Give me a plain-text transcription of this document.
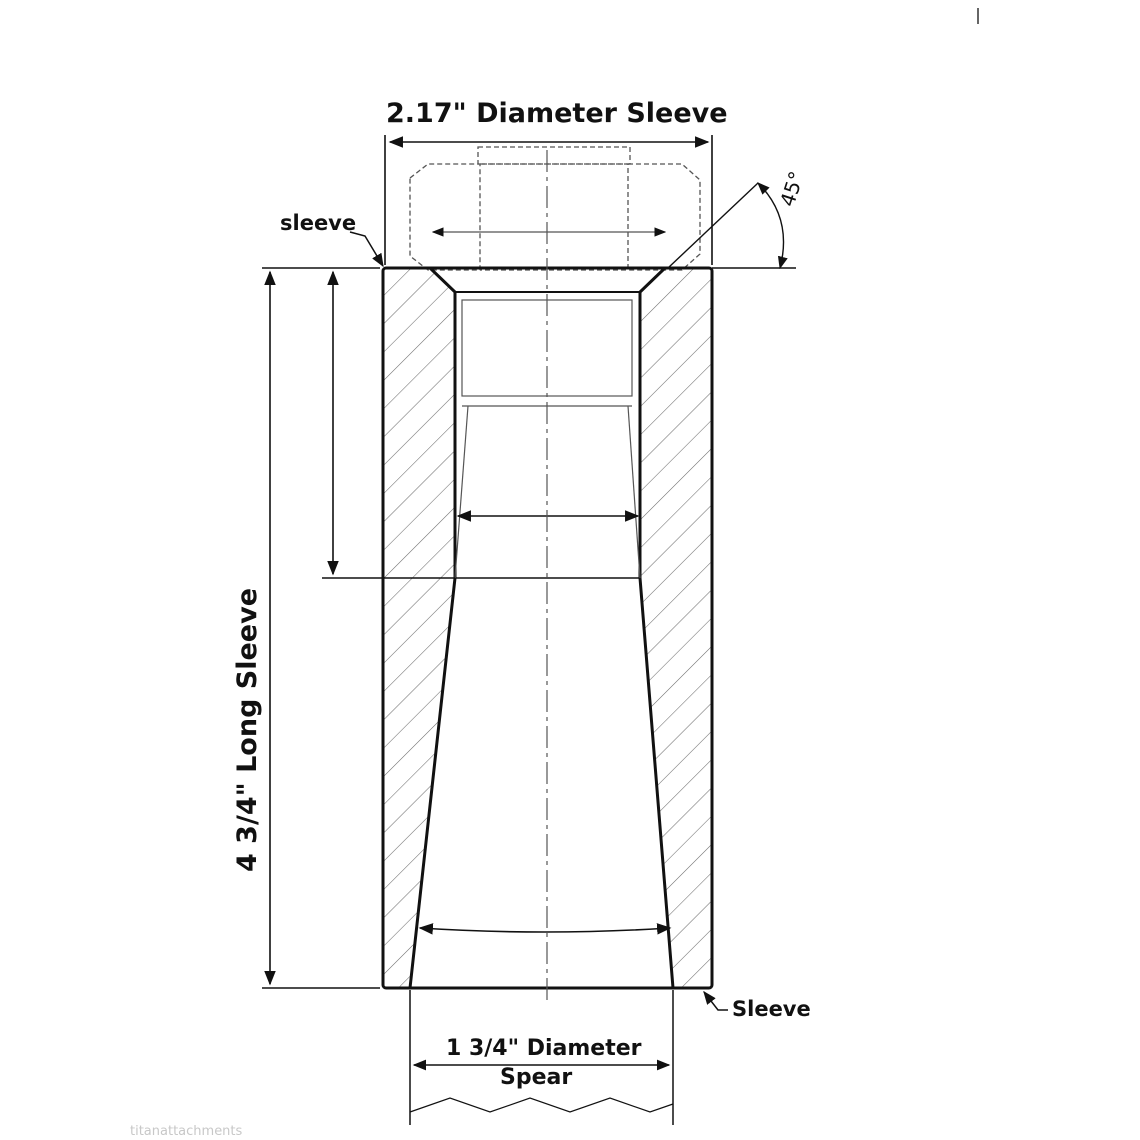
2.17" Diameter Sleeve
sleeve
Sleeve
45°
4 3/4" Long Sleeve
1 3/4" Diameter
Spear
titanattachments
